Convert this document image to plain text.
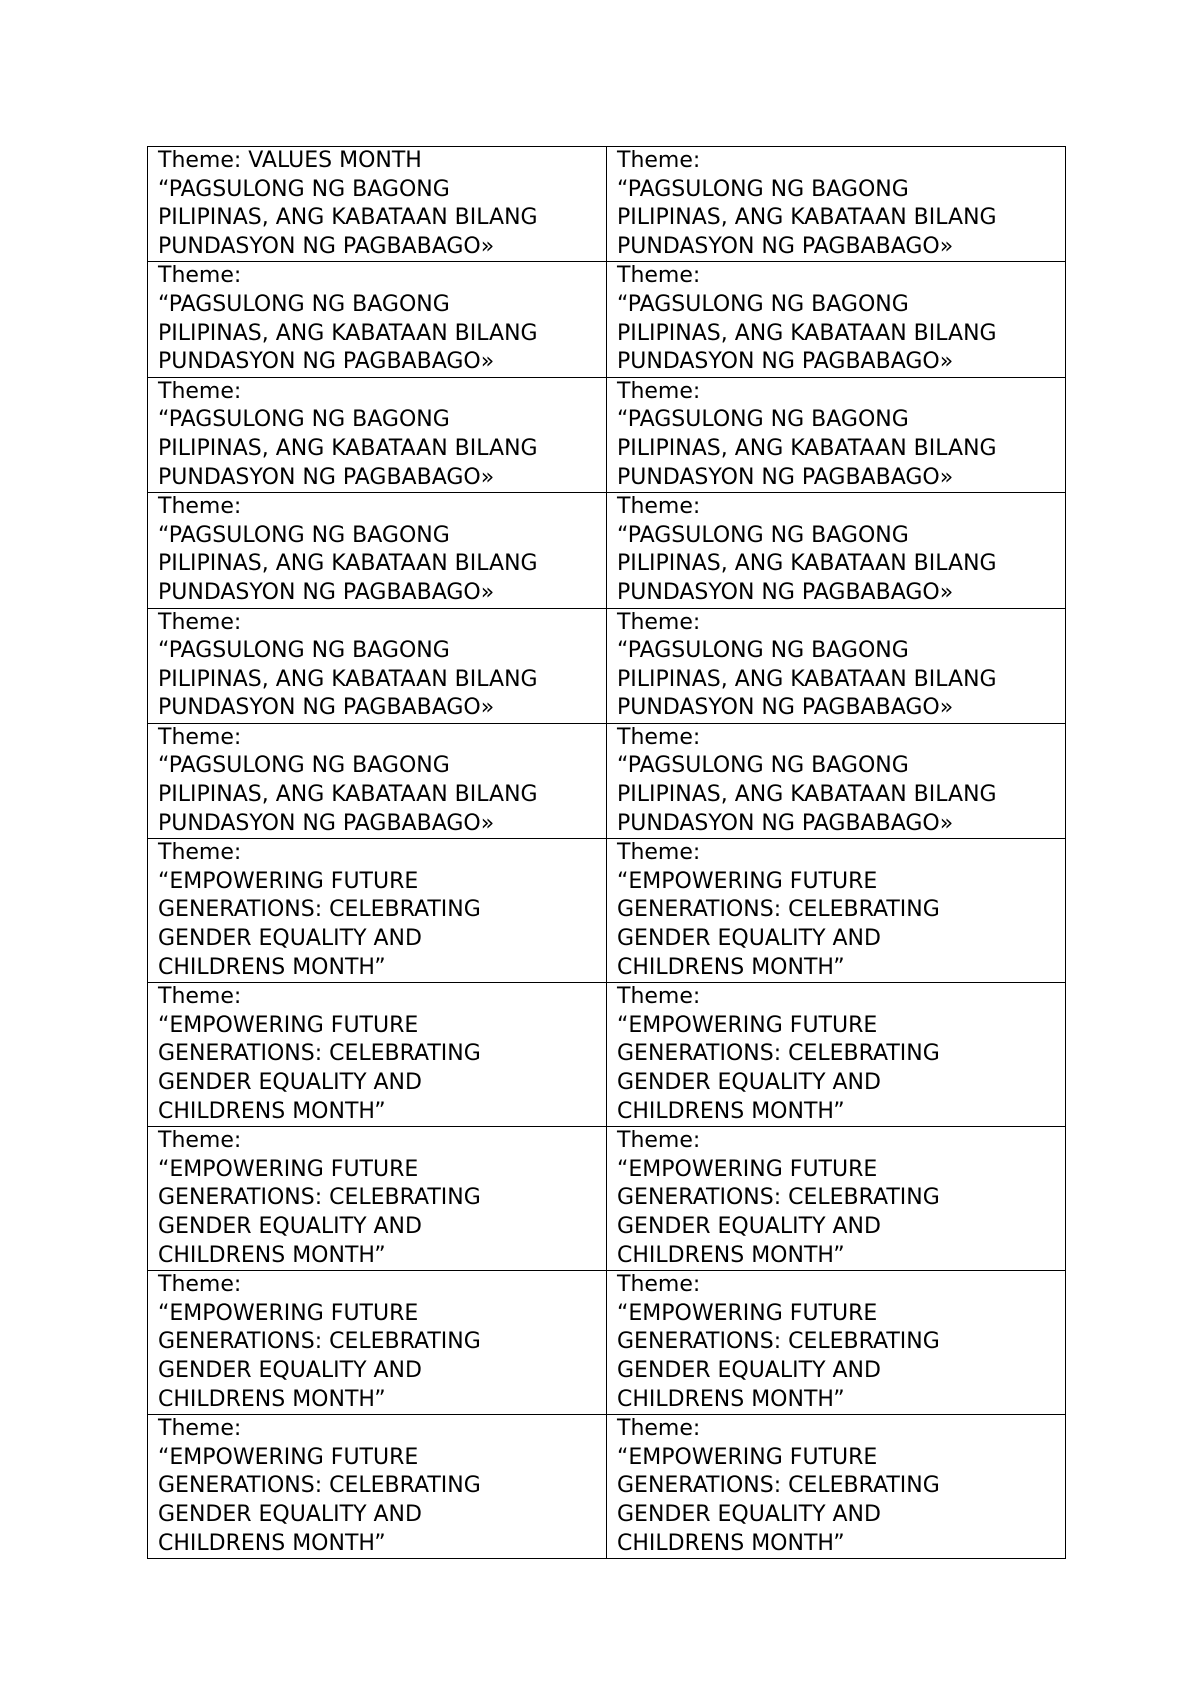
Theme: VALUES MONTH
“PAGSULONG NG BAGONG
PILIPINAS, ANG KABATAAN BILANG
PUNDASYON NG PAGBABAGO»	Theme:
“PAGSULONG NG BAGONG
PILIPINAS, ANG KABATAAN BILANG
PUNDASYON NG PAGBABAGO»
Theme:
“PAGSULONG NG BAGONG
PILIPINAS, ANG KABATAAN BILANG
PUNDASYON NG PAGBABAGO»	Theme:
“PAGSULONG NG BAGONG
PILIPINAS, ANG KABATAAN BILANG
PUNDASYON NG PAGBABAGO»
Theme:
“PAGSULONG NG BAGONG
PILIPINAS, ANG KABATAAN BILANG
PUNDASYON NG PAGBABAGO»	Theme:
“PAGSULONG NG BAGONG
PILIPINAS, ANG KABATAAN BILANG
PUNDASYON NG PAGBABAGO»
Theme:
“PAGSULONG NG BAGONG
PILIPINAS, ANG KABATAAN BILANG
PUNDASYON NG PAGBABAGO»	Theme:
“PAGSULONG NG BAGONG
PILIPINAS, ANG KABATAAN BILANG
PUNDASYON NG PAGBABAGO»
Theme:
“PAGSULONG NG BAGONG
PILIPINAS, ANG KABATAAN BILANG
PUNDASYON NG PAGBABAGO»	Theme:
“PAGSULONG NG BAGONG
PILIPINAS, ANG KABATAAN BILANG
PUNDASYON NG PAGBABAGO»
Theme:
“PAGSULONG NG BAGONG
PILIPINAS, ANG KABATAAN BILANG
PUNDASYON NG PAGBABAGO»	Theme:
“PAGSULONG NG BAGONG
PILIPINAS, ANG KABATAAN BILANG
PUNDASYON NG PAGBABAGO»
Theme:
“EMPOWERING FUTURE
GENERATIONS: CELEBRATING
GENDER EQUALITY AND
CHILDRENS MONTH”	Theme:
“EMPOWERING FUTURE
GENERATIONS: CELEBRATING
GENDER EQUALITY AND
CHILDRENS MONTH”
Theme:
“EMPOWERING FUTURE
GENERATIONS: CELEBRATING
GENDER EQUALITY AND
CHILDRENS MONTH”	Theme:
“EMPOWERING FUTURE
GENERATIONS: CELEBRATING
GENDER EQUALITY AND
CHILDRENS MONTH”
Theme:
“EMPOWERING FUTURE
GENERATIONS: CELEBRATING
GENDER EQUALITY AND
CHILDRENS MONTH”	Theme:
“EMPOWERING FUTURE
GENERATIONS: CELEBRATING
GENDER EQUALITY AND
CHILDRENS MONTH”
Theme:
“EMPOWERING FUTURE
GENERATIONS: CELEBRATING
GENDER EQUALITY AND
CHILDRENS MONTH”	Theme:
“EMPOWERING FUTURE
GENERATIONS: CELEBRATING
GENDER EQUALITY AND
CHILDRENS MONTH”
Theme:
“EMPOWERING FUTURE
GENERATIONS: CELEBRATING
GENDER EQUALITY AND
CHILDRENS MONTH”	Theme:
“EMPOWERING FUTURE
GENERATIONS: CELEBRATING
GENDER EQUALITY AND
CHILDRENS MONTH”
